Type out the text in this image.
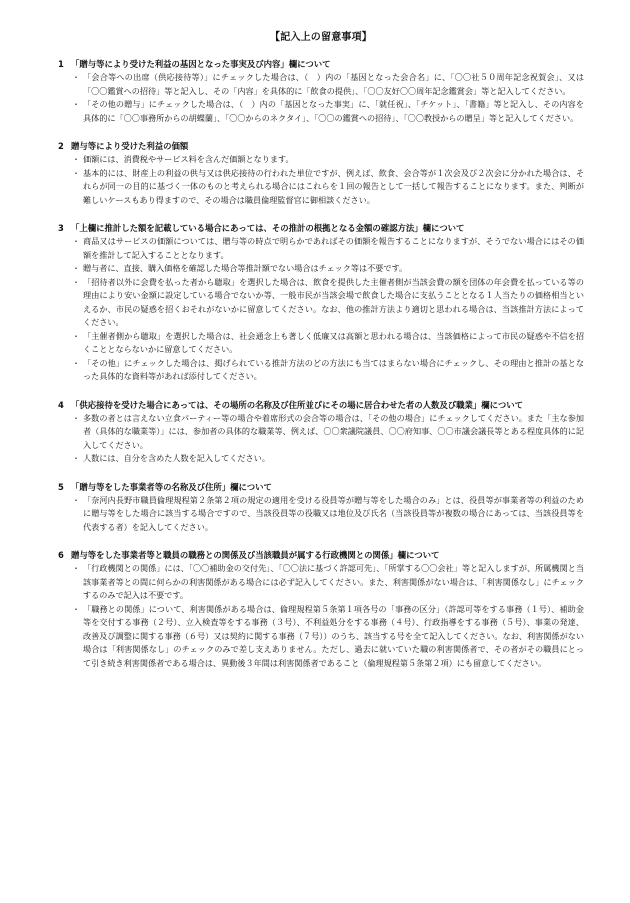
【記入上の留意事項】
1 「贈与等により受けた利益の基因となった事実及び内容」欄について
・ 「会合等への出席（供応接待等）」にチェックした場合は、（　）内の「基因となった会合名」に、「〇〇社５０周年記念祝賀会」、又は「〇〇鑑賞への招待」等と記入し、その「内容」を具体的に「飲食の提供」、「〇〇友好〇〇周年記念鑑賞会」等と記入してください。
・ 「その他の贈与」にチェックした場合は、（　）内の「基因となった事実」に、「就任祝」、「チケット」、「書籍」等と記入し、その内容を具体的に「〇〇事務所からの胡蝶蘭」、「〇〇からのネクタイ」、「〇〇の鑑賞への招待」、「〇〇教授からの贈呈」等と記入してください。
2 贈与等により受けた利益の価額
・ 価額には、消費税やサービス料を含んだ価額となります。
・ 基本的には、財産上の利益の供与又は供応接待の行われた単位ですが、例えば、飲食、会合等が１次会及び２次会に分かれた場合は、それらが同一の目的に基づく一体のものと考えられる場合にはこれらを１回の報告として一括して報告することになります。また、判断が難しいケースもあり得ますので、その場合は職員倫理監督官に御相談ください。
3 「上欄に推計した額を記載している場合にあっては、その推計の根拠となる金額の確認方法」欄について
・ 商品又はサービスの価額については、贈与等の時点で明らかであればその価額を報告することになりますが、そうでない場合にはその価額を推計して記入することとなります。
・ 贈与者に、直接、購入価格を確認した場合等推計額でない場合はチェック等は不要です。
・ 「招待者以外に会費を払った者から聴取」を選択した場合は、飲食を提供した主催者側が当該会費の額を団体の年会費を払っている等の理由により安い金額に設定している場合でないか等、一般市民が当該会場で飲食した場合に支払うこととなる１人当たりの価格相当といえるか、市民の疑惑を招くおそれがないかに留意してください。なお、他の推計方法より適切と思われる場合は、当該推計方法によってください。
・ 「主催者側から聴取」を選択した場合は、社会通念上も著しく低廉又は高額と思われる場合は、当該価格によって市民の疑惑や不信を招くこととならないかに留意してください。
・ 「その他」にチェックした場合は、掲げられている推計方法のどの方法にも当てはまらない場合にチェックし、その理由と推計の基となった具体的な資料等があれば添付してください。
4 「供応接待を受けた場合にあっては、その場所の名称及び住所並びにその場に居合わせた者の人数及び職業」欄について
・ 多数の者とは言えない立食パーティー等の場合や着席形式の会合等の場合は、「その他の場合」にチェックしてください。また「主な参加者（具体的な職業等）」には、参加者の具体的な職業等、例えば、〇〇衆議院議員、〇〇府知事、〇〇市議会議長等とある程度具体的に記入してください。
・ 人数には、自分を含めた人数を記入してください。
5 「贈与等をした事業者等の名称及び住所」欄について
・ 「奈河内長野市職員倫理規程第２条第２項の規定の適用を受ける役員等が贈与等をした場合のみ」とは、役員等が事業者等の利益のために贈与等をした場合に該当する場合ですので、当該役員等の役職又は地位及び氏名（当該役員等が複数の場合にあっては、当該役員等を代表する者）を記入してください。
6 贈与等をした事業者等と職員の職務との関係及び当該職員が属する行政機関との関係」欄について
・ 「行政機関との関係」には、「〇〇補助金の交付先」、「〇〇法に基づく許認可先」、「所掌する〇〇会社」等と記入しますが、所属機関と当該事業者等との間に何らかの利害関係がある場合には必ず記入してください。また、利害関係がない場合は、「利害関係なし」にチェックするのみで記入は不要です。
・ 「職務との関係」について、利害関係がある場合は、倫理規程第５条第１項各号の「事務の区分」（許認可等をする事務（１号）、補助金等を交付する事務（２号）、立入検査等をする事務（３号）、不利益処分をする事務（４号）、行政指導をする事務（５号）、事業の発達、改善及び調整に関する事務（６号）又は契約に関する事務（７号））のうち、該当する号を全て記入してください。なお、利害関係がない場合は「利害関係なし」のチェックのみで差し支えありません。ただし、過去に就いていた職の利害関係者で、その者がその職員にとって引き続き利害関係者である場合は、異動後３年間は利害関係者であること（倫理規程第５条第２項）にも留意してください。
